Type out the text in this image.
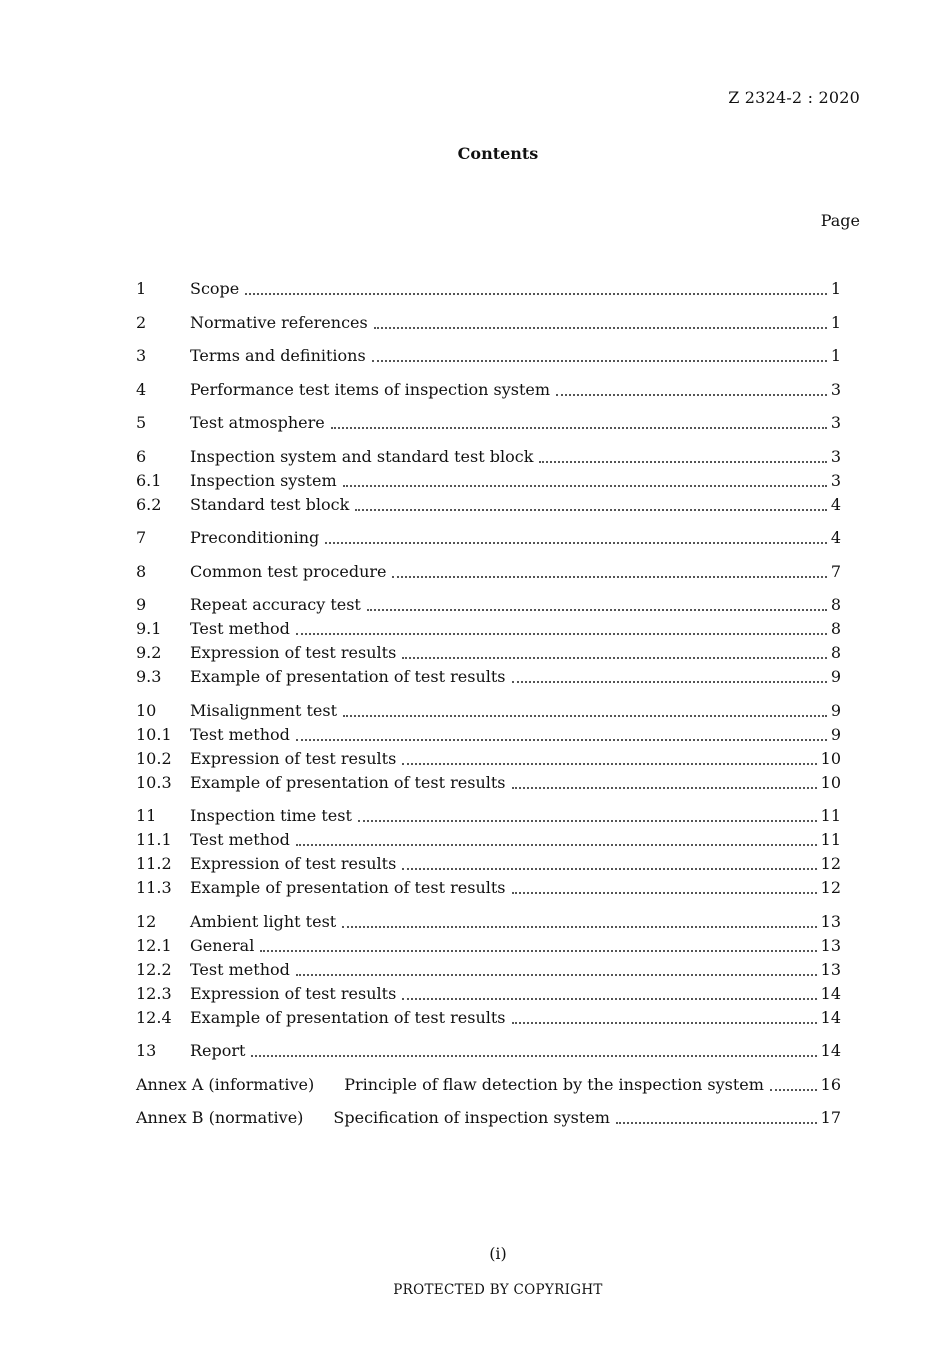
Z 2324-2 : 2020
Contents
Page
1	Scope	1
2	Normative references	1
3	Terms and definitions	1
4	Performance test items of inspection system	3
5	Test atmosphere	3
6	Inspection system and standard test block	3
6.1	Inspection system	3
6.2	Standard test block	4
7	Preconditioning	4
8	Common test procedure	7
9	Repeat accuracy test	8
9.1	Test method	8
9.2	Expression of test results	8
9.3	Example of presentation of test results	9
10	Misalignment test	9
10.1	Test method	9
10.2	Expression of test results	10
10.3	Example of presentation of test results	10
11	Inspection time test	11
11.1	Test method	11
11.2	Expression of test results	12
11.3	Example of presentation of test results	12
12	Ambient light test	13
12.1	General	13
12.2	Test method	13
12.3	Expression of test results	14
12.4	Example of presentation of test results	14
13	Report	14
Annex A (informative) Principle of flaw detection by the inspection system	16
Annex B (normative) Specification of inspection system	17
(i)
PROTECTED BY COPYRIGHT
